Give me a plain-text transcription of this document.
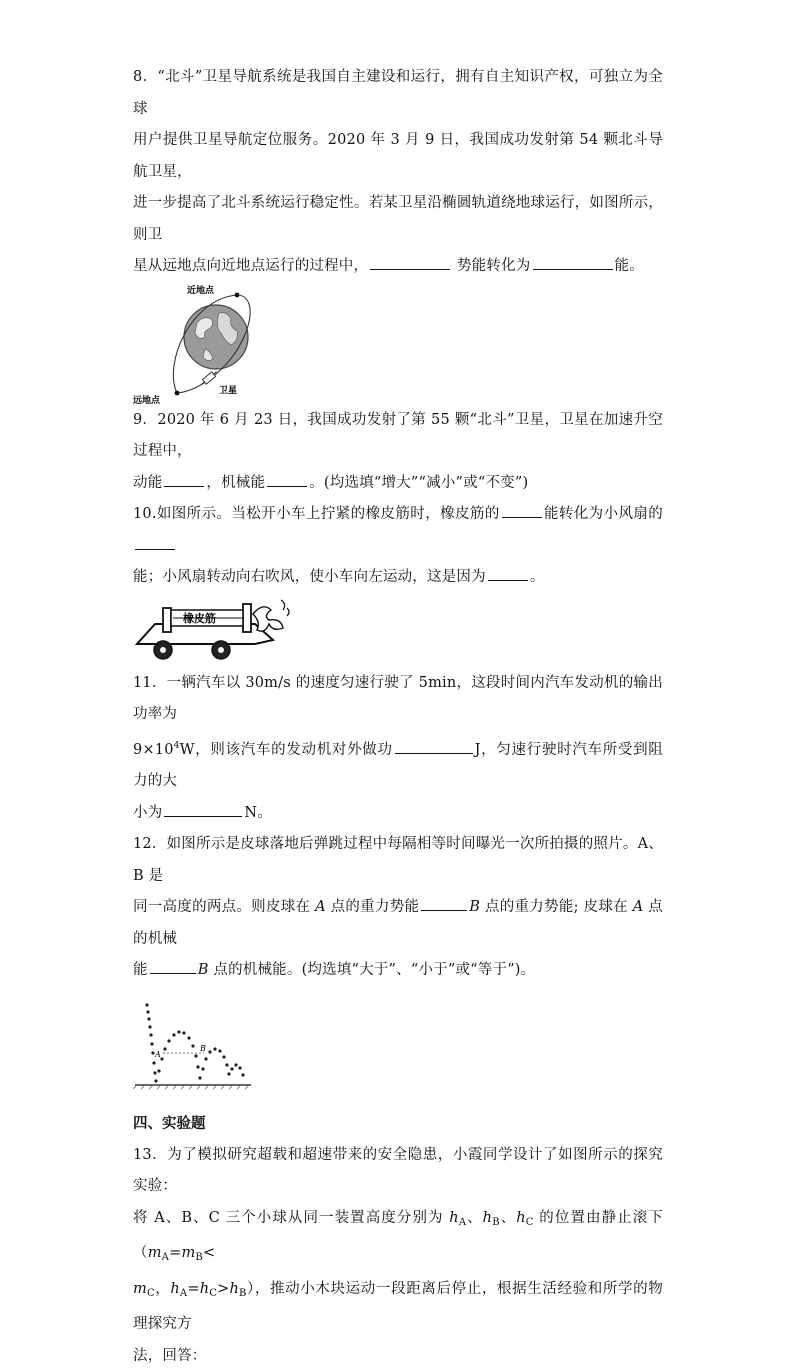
8．“北斗”卫星导航系统是我国自主建设和运行，拥有自主知识产权，可独立为全球

用户提供卫星导航定位服务。2020 年 3 月 9 日，我国成功发射第 54 颗北斗导航卫星，

进一步提高了北斗系统运行稳定性。若某卫星沿椭圆轨道绕地球运行，如图所示，则卫

星从远地点向近地点运行的过程中，	势能转化为	能。

近地点
远地点
卫星

9．2020 年 6 月 23 日，我国成功发射了第 55 颗“北斗”卫星，卫星在加速升空过程中，

动能	，机械能	。(均选填“增大”“减小”或“不变”)

10.如图所示。当松开小车上拧紧的橡皮筋时，橡皮筋的	能转化为小风扇的

能；小风扇转动向右吹风，使小车向左运动，这是因为	。

橡皮筋

11．一辆汽车以 30m/s 的速度匀速行驶了 5min，这段时间内汽车发动机的输出功率为

$9\times 10^4W$，则该汽车的发动机对外做功	J，匀速行驶时汽车所受到阻力的大

小为	N。

12．如图所示是皮球落地后弹跳过程中每隔相等时间曝光一次所拍摄的照片。A、B 是

同一高度的两点。则皮球在 A 点的重力势能	B 点的重力势能; 皮球在 A 点的机械

能	B 点的机械能。(均选填“大于”、“小于”或“等于”)。

A
B

四、实验题

13．为了模拟研究超载和超速带来的安全隐患，小霞同学设计了如图所示的探究实验：

将 A、B、C 三个小球从同一装置高度分别为 $h_A$、$h_B$、$h_C$ 的位置由静止滚下（$m_A=m_B<$

$m_C$，$h_A=h_C>h_B$），推动小木块运动一段距离后停止，根据生活经验和所学的物理探究方

法，回答：
